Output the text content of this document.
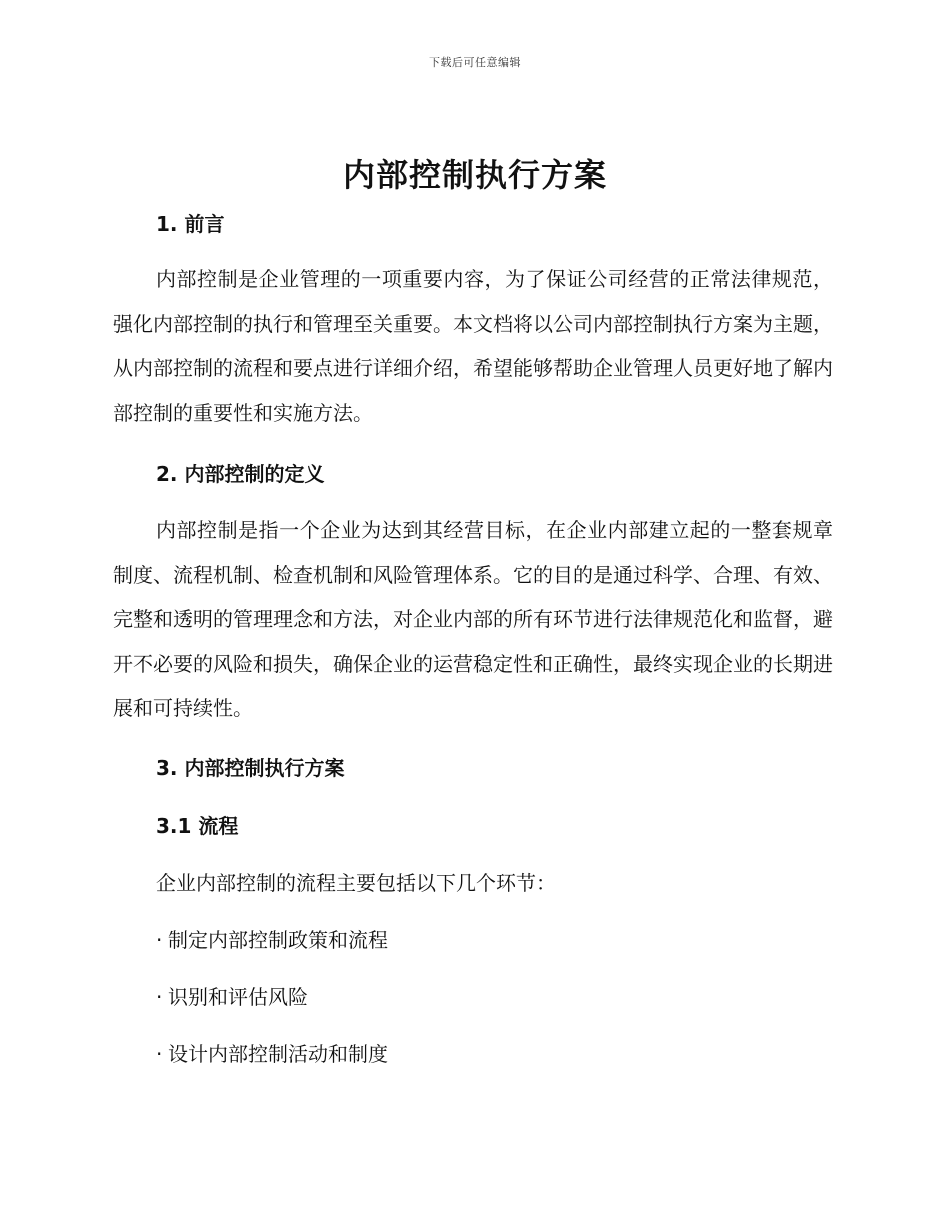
下载后可任意编辑
内部控制执行方案
1. 前言

内部控制是企业管理的一项重要内容，为了保证公司经营的正常法律规范，强化内部控制的执行和管理至关重要。本文档将以公司内部控制执行方案为主题，从内部控制的流程和要点进行详细介绍，希望能够帮助企业管理人员更好地了解内部控制的重要性和实施方法。

2. 内部控制的定义

内部控制是指一个企业为达到其经营目标，在企业内部建立起的一整套规章制度、流程机制、检查机制和风险管理体系。它的目的是通过科学、合理、有效、完整和透明的管理理念和方法，对企业内部的所有环节进行法律规范化和监督，避开不必要的风险和损失，确保企业的运营稳定性和正确性，最终实现企业的长期进展和可持续性。

3. 内部控制执行方案
3.1 流程

企业内部控制的流程主要包括以下几个环节：

· 制定内部控制政策和流程

· 识别和评估风险

· 设计内部控制活动和制度
